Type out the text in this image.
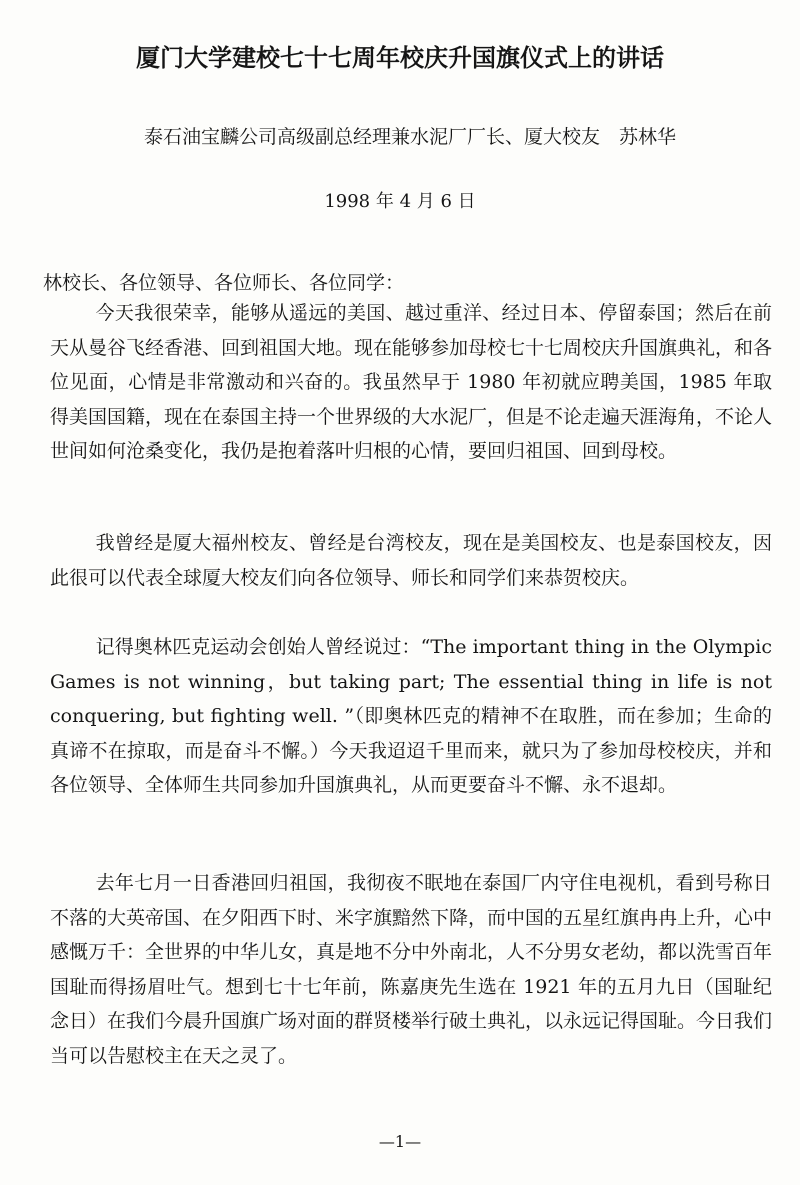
厦门大学建校七十七周年校庆升国旗仪式上的讲话
泰石油宝麟公司高级副总经理兼水泥厂厂长、厦大校友　苏林华
1998 年 4 月 6 日
林校长、各位领导、各位师长、各位同学：

今天我很荣幸，能够从遥远的美国、越过重洋、经过日本、停留泰国；然后在前天从曼谷飞经香港、回到祖国大地。现在能够参加母校七十七周校庆升国旗典礼，和各位见面，心情是非常激动和兴奋的。我虽然早于 1980 年初就应聘美国，1985 年取得美国国籍，现在在泰国主持一个世界级的大水泥厂，但是不论走遍天涯海角，不论人世间如何沧桑变化，我仍是抱着落叶归根的心情，要回归祖国、回到母校。

我曾经是厦大福州校友、曾经是台湾校友，现在是美国校友、也是泰国校友，因此很可以代表全球厦大校友们向各位领导、师长和同学们来恭贺校庆。

记得奥林匹克运动会创始人曾经说过：“The important thing in the Olympic Games is not winning，but taking part; The essential thing in life is not conquering, but fighting well. ”（即奥林匹克的精神不在取胜，而在参加；生命的真谛不在掠取，而是奋斗不懈。）今天我迢迢千里而来，就只为了参加母校校庆，并和各位领导、全体师生共同参加升国旗典礼，从而更要奋斗不懈、永不退却。

去年七月一日香港回归祖国，我彻夜不眠地在泰国厂内守住电视机，看到号称日不落的大英帝国、在夕阳西下时、米字旗黯然下降，而中国的五星红旗冉冉上升，心中感慨万千：全世界的中华儿女，真是地不分中外南北，人不分男女老幼，都以洗雪百年国耻而得扬眉吐气。想到七十七年前，陈嘉庚先生选在 1921 年的五月九日（国耻纪念日）在我们今晨升国旗广场对面的群贤楼举行破土典礼，以永远记得国耻。今日我们当可以告慰校主在天之灵了。

—1—
